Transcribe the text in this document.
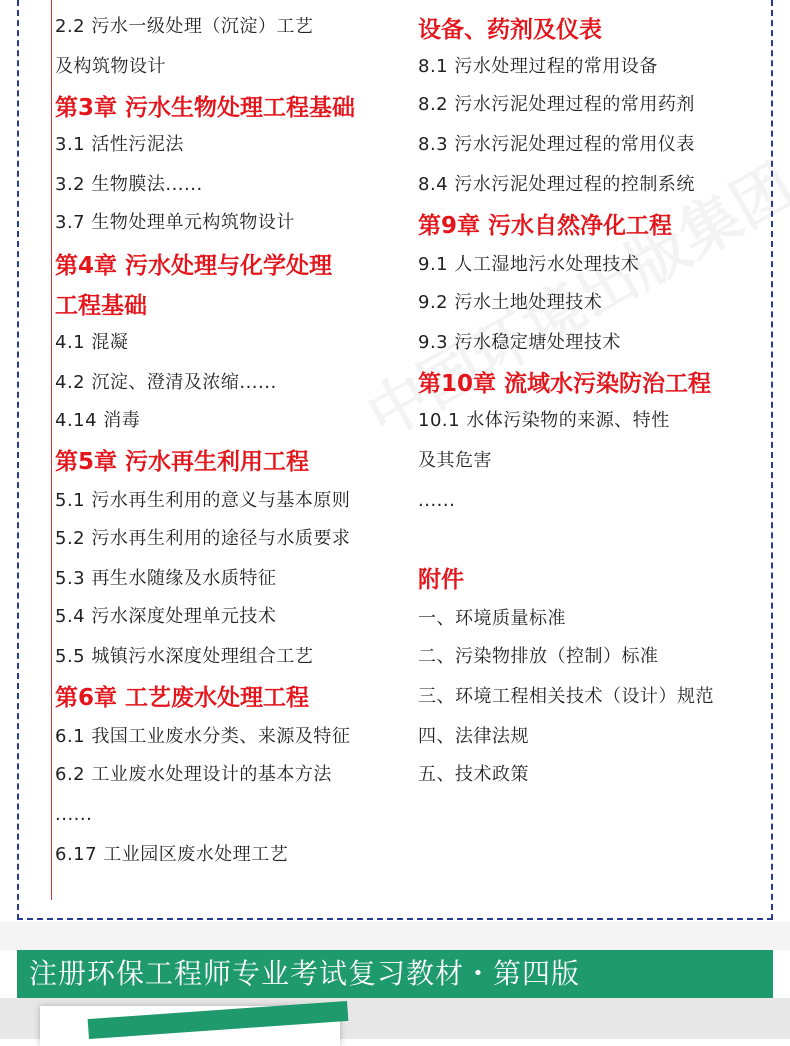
2.2 污水一级处理（沉淀）工艺
及构筑物设计
第3章 污水生物处理工程基础
3.1 活性污泥法
3.2 生物膜法......
3.7 生物处理单元构筑物设计
第4章 污水处理与化学处理
工程基础
4.1 混凝
4.2 沉淀、澄清及浓缩......
4.14 消毒
第5章 污水再生利用工程
5.1 污水再生利用的意义与基本原则
5.2 污水再生利用的途径与水质要求
5.3 再生水随缘及水质特征
5.4 污水深度处理单元技术
5.5 城镇污水深度处理组合工艺
第6章 工艺废水处理工程
6.1 我国工业废水分类、来源及特征
6.2 工业废水处理设计的基本方法
......
6.17 工业园区废水处理工艺
设备、药剂及仪表
8.1 污水处理过程的常用设备
8.2 污水污泥处理过程的常用药剂
8.3 污水污泥处理过程的常用仪表
8.4 污水污泥处理过程的控制系统
第9章 污水自然净化工程
9.1 人工湿地污水处理技术
9.2 污水土地处理技术
9.3 污水稳定塘处理技术
第10章 流域水污染防治工程
10.1 水体污染物的来源、特性
及其危害
......
附件
一、环境质量标准
二、污染物排放（控制）标准
三、环境工程相关技术（设计）规范
四、法律法规
五、技术政策
注册环保工程师专业考试复习教材・第四版
